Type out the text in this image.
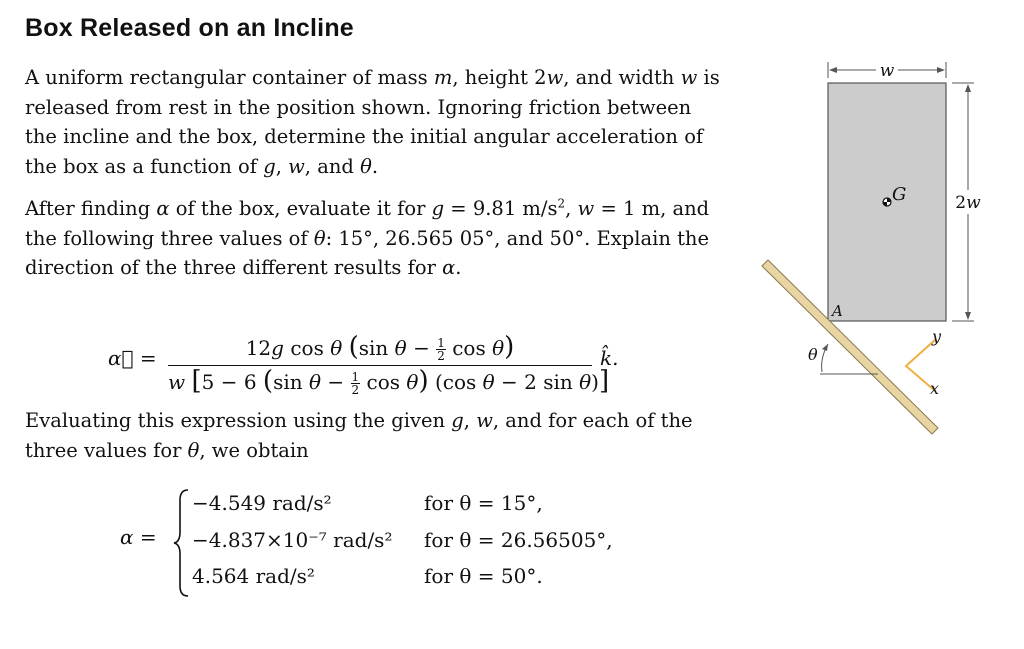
Box Released on an Incline

A uniform rectangular container of mass m, height 2w, and width w is released from rest in the position shown. Ignoring friction between the incline and the box, determine the initial angular acceleration of the box as a function of g, w, and θ.

After finding α of the box, evaluate it for g = 9.81 $m/s^2$, w = 1 m, and the following three values of θ: 15°, 26.565 05°, and 50°. Explain the direction of the three different results for α.

α⃗ =	12g cos θ (sin $\theta - \frac{1}{2}$ cos θ)
w [5 − 6 (sin $\theta - \frac{1}{2}$ cos θ) (cos θ − 2 sin θ)]
k̂.

Evaluating this expression using the given g, w, and for each of the three values for θ, we obtain

α =
−4.549 rad/s²	for θ = 15°,
−4.837×10⁻⁷ rad/s² for θ = 26.56505°,
4.564 rad/s²	for θ = 50°.
w
2w
G
A
θ
y
x
